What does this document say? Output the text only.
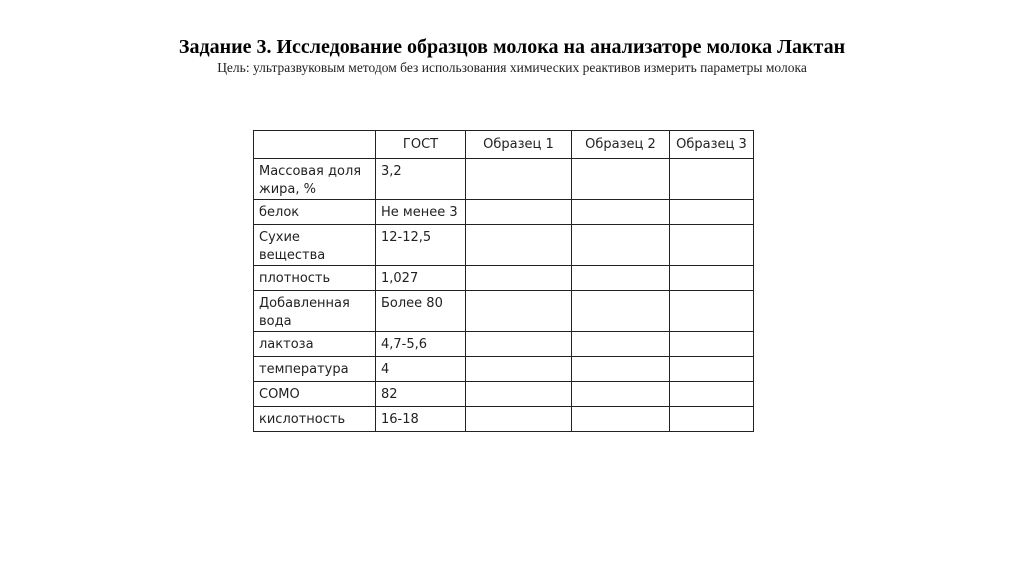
Задание 3. Исследование образцов молока на анализаторе молока Лактан
Цель: ультразвуковым методом без использования химических реактивов измерить параметры молока
	ГОСТ	Образец 1	Образец 2	Образец 3
Массовая доля жира, %	3,2			
белок	Не менее 3			
Сухие вещества	12-12,5			
плотность	1,027			
Добавленная вода	Более 80			
лактоза	4,7-5,6			
температура	4			
СОМО	82			
кислотность	16-18			
